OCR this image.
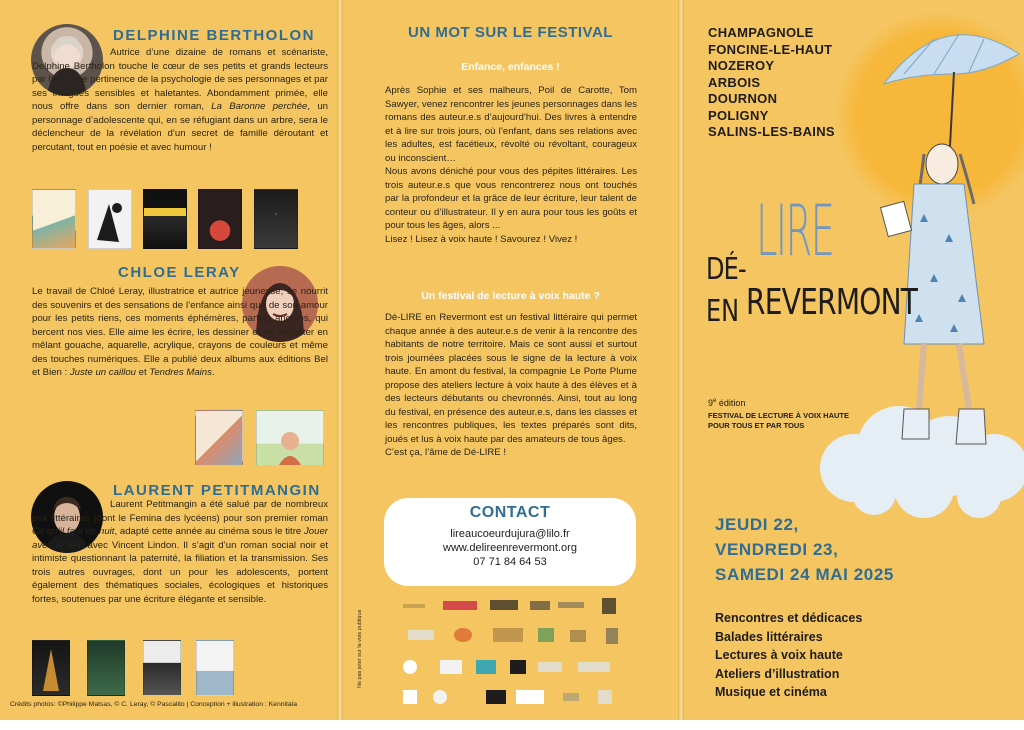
DELPHINE BERTHOLON

Autrice d’une dizaine de romans et scénariste, Delphine Bertholon touche le cœur de ses petits et grands lecteurs par l’extrême pertinence de la psychologie de ses personnages et par ses intrigues sensibles et haletantes. Abondamment primée, elle nous offre dans son dernier roman, La Baronne perchée, un personnage d’adolescente qui, en se réfugiant dans un arbre, sera le déclencheur de la révélation d’un secret de famille déroutant et percutant, tout en poésie et avec humour !

·
CHLOE LERAY

Le travail de Chloé Leray, illustratrice et autrice jeunesse, se nourrit des souvenirs et des sensations de l’enfance ainsi que de son amour pour les petits riens, ces moments éphémères, parfois anodins, qui bercent nos vies. Elle aime les écrire, les dessiner et les raconter en mêlant gouache, aquarelle, acrylique, crayons de couleurs et même des touches numériques. Elle a publié deux albums aux éditions Bel et Bien : Juste un caillou et Tendres Mains.

LAURENT PETITMANGIN

Laurent Petitmangin a été salué par de nombreux prix littéraires (dont le Femina des lycéens) pour son premier roman Ce qu’il faut de nuit, adapté cette année au cinéma sous le titre Jouer avec le feu, avec Vincent Lindon. Il s’agit d’un roman social noir et intimiste questionnant la paternité, la filiation et la transmission. Ses trois autres ouvrages, dont un pour les adolescents, portent également des thématiques sociales, écologiques et historiques fortes, soutenues par une écriture élégante et sensible.

Crédits photos: ©Philippe Matsas, © C. Leray, © Pascalito | Conception + illustration : Kennitala
UN MOT SUR LE FESTIVAL
Enfance, enfances !

Après Sophie et ses malheurs, Poil de Carotte, Tom Sawyer, venez rencontrer les jeunes personnages dans les romans des auteur.e.s d’aujourd’hui. Des livres à entendre et à lire sur trois jours, où l’enfant, dans ses relations avec les adultes, est facétieux, révolté ou révoltant, courageux ou inconscient…

Nous avons déniché pour vous des pépites littéraires. Les trois auteur.e.s que vous rencontrerez nous ont touchés par la profondeur et la grâce de leur écriture, leur talent de conteur ou d’illustrateur. Il y en aura pour tous les goûts et pour tous les âges, alors ...

Lisez ! Lisez à voix haute ! Savourez ! Vivez !

Un festival de lecture à voix haute ?

Dé-LIRE en Revermont est un festival littéraire qui permet chaque année à des auteur.e.s de venir à la rencontre des habitants de notre territoire. Mais ce sont aussi et surtout trois journées placées sous le signe de la lecture à voix haute. En amont du festival, la compagnie Le Porte Plume propose des ateliers lecture à voix haute à des élèves et à des lecteurs débutants ou chevronnés. Ainsi, tout au long du festival, en présence des auteur.e.s, dans les classes et les rencontres publiques, les textes préparés sont dits, joués et lus à voix haute par des amateurs de tous âges.

C’est ça, l’âme de Dé-LIRE !

CONTACT
lireaucoeurdujura@lilo.fr
www.delireenrevermont.org
07 71 84 64 53
Ne pas jeter sur la voie publique
CHAMPAGNOLE
FONCINE-LE-HAUT
NOZEROY
ARBOIS
DOURNON
POLIGNY
SALINS-LES-BAINS
DÉ- LIRE
EN REVERMONT
9e édition
FESTIVAL DE LECTURE À VOIX HAUTE
POUR TOUS ET PAR TOUS
JEUDI 22,
VENDREDI 23,
SAMEDI 24 MAI 2025
Rencontres et dédicaces
Balades littéraires
Lectures à voix haute
Ateliers d’illustration
Musique et cinéma
